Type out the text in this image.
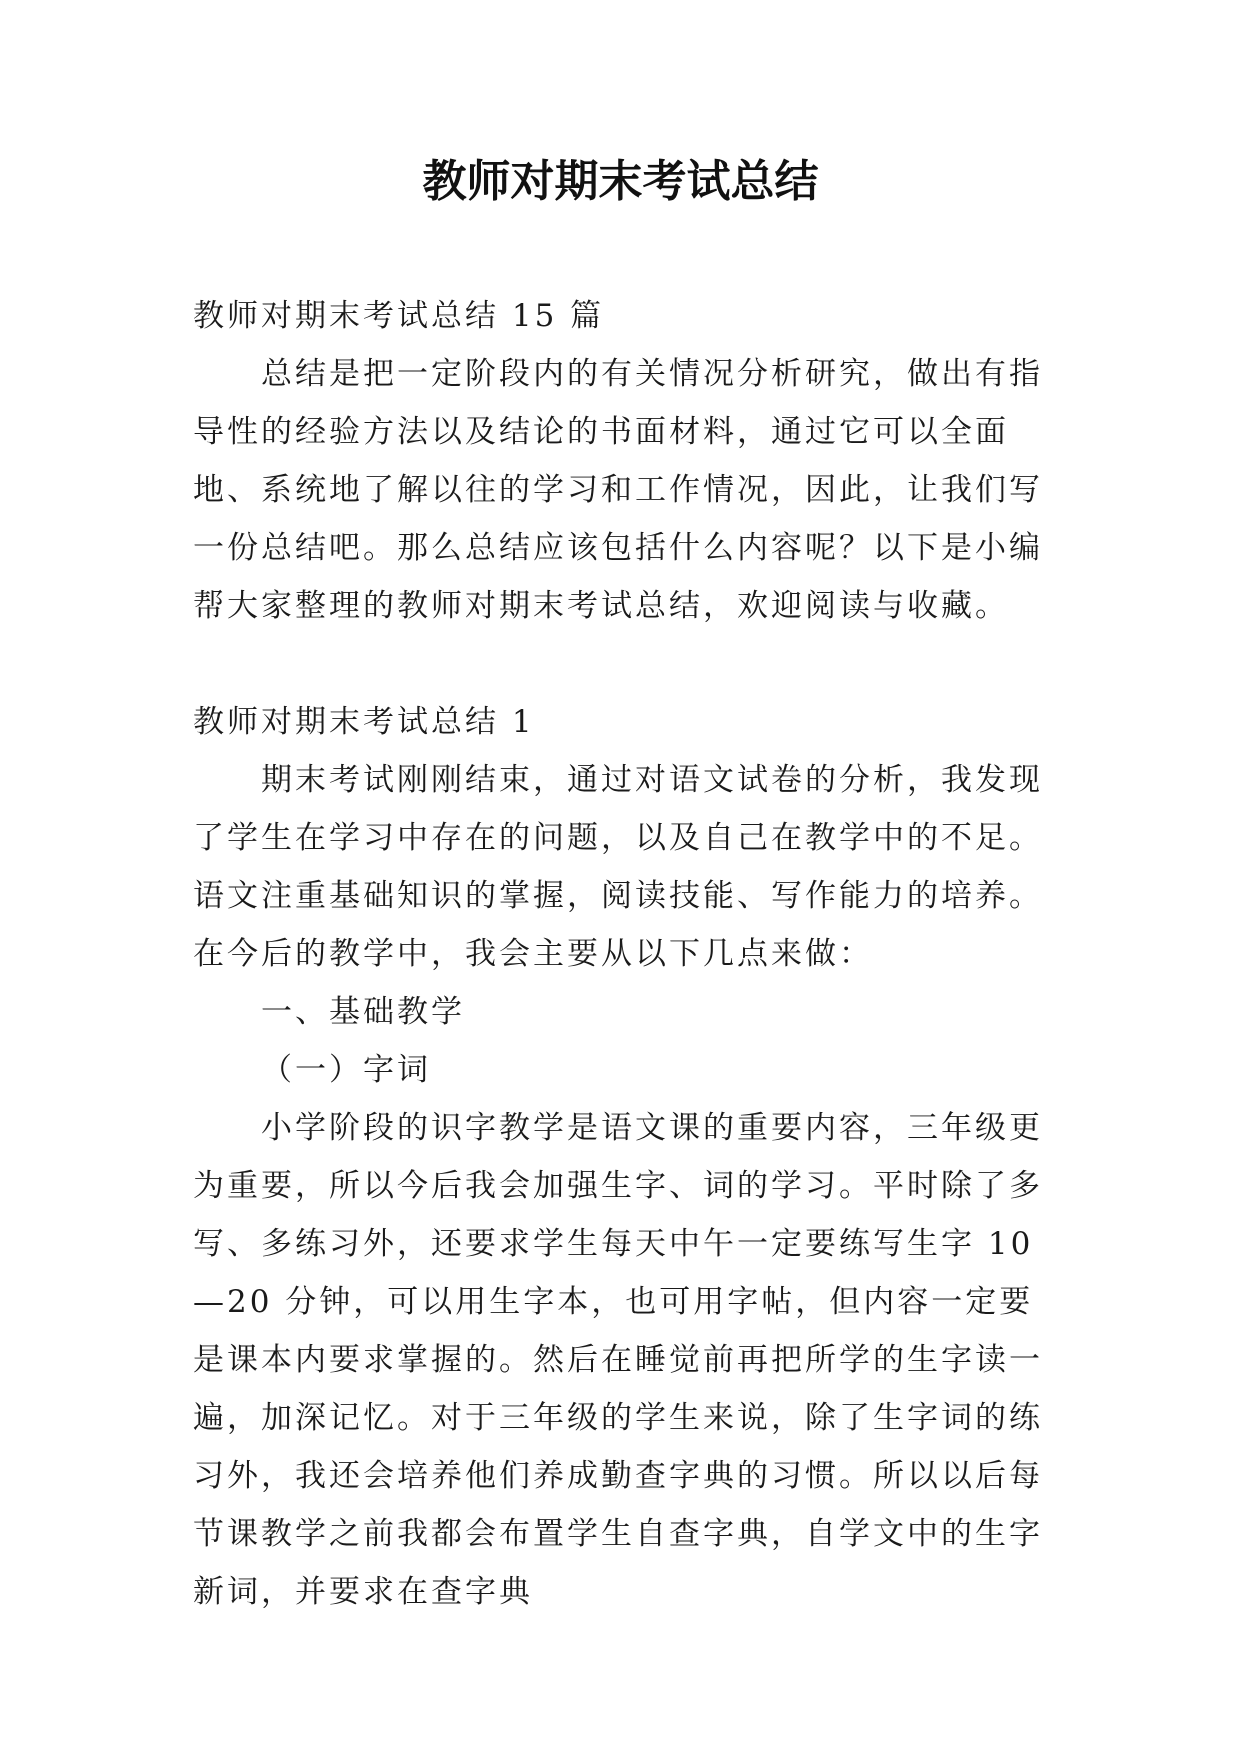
教师对期末考试总结

教师对期末考试总结 15 篇

总结是把一定阶段内的有关情况分析研究，做出有指导性的经验方法以及结论的书面材料，通过它可以全面地、系统地了解以往的学习和工作情况，因此，让我们写一份总结吧。那么总结应该包括什么内容呢？以下是小编帮大家整理的教师对期末考试总结，欢迎阅读与收藏。

教师对期末考试总结 1

期末考试刚刚结束，通过对语文试卷的分析，我发现了学生在学习中存在的问题，以及自己在教学中的不足。语文注重基础知识的掌握，阅读技能、写作能力的培养。在今后的教学中，我会主要从以下几点来做：

一、基础教学

（一）字词

小学阶段的识字教学是语文课的重要内容，三年级更为重要，所以今后我会加强生字、词的学习。平时除了多写、多练习外，还要求学生每天中午一定要练写生字 10—20 分钟，可以用生字本，也可用字帖，但内容一定要是课本内要求掌握的。然后在睡觉前再把所学的生字读一遍，加深记忆。对于三年级的学生来说，除了生字词的练习外，我还会培养他们养成勤查字典的习惯。所以以后每节课教学之前我都会布置学生自查字典，自学文中的生字新词，并要求在查字典
